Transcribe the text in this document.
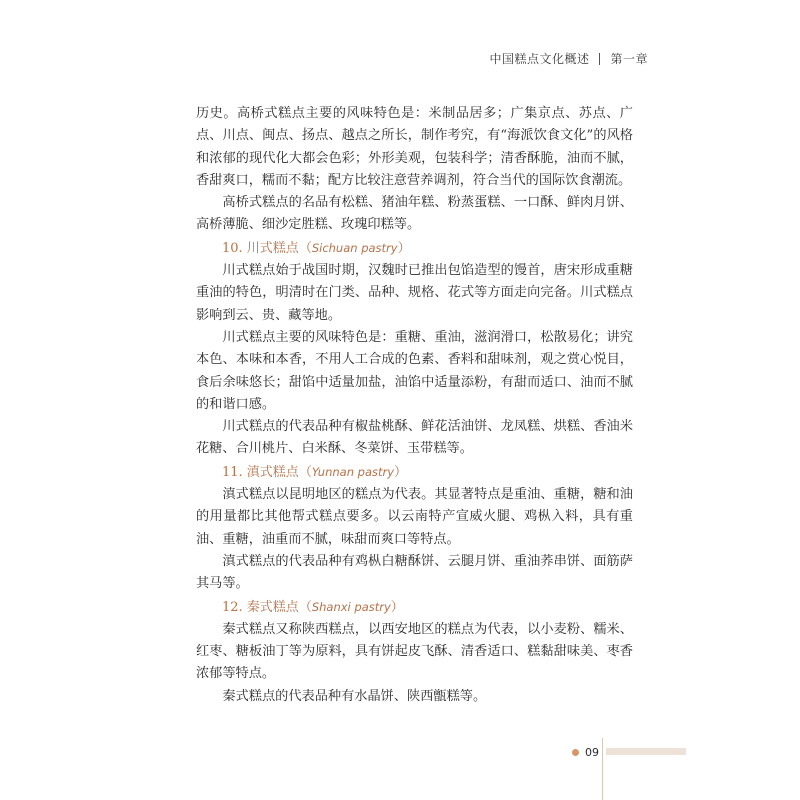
中国糕点文化概述 第一章

历史。高桥式糕点主要的风味特色是：米制品居多；广集京点、苏点、广点、川点、闽点、扬点、越点之所长，制作考究，有“海派饮食文化”的风格和浓郁的现代化大都会色彩；外形美观，包装科学；清香酥脆，油而不腻，香甜爽口，糯而不黏；配方比较注意营养调剂，符合当代的国际饮食潮流。

高桥式糕点的名品有松糕、猪油年糕、粉蒸蛋糕、一口酥、鲜肉月饼、高桥薄脆、细沙定胜糕、玫瑰印糕等。

10. 川式糕点（Sichuan pastry）

川式糕点始于战国时期，汉魏时已推出包馅造型的馒首，唐宋形成重糖重油的特色，明清时在门类、品种、规格、花式等方面走向完备。川式糕点影响到云、贵、藏等地。

川式糕点主要的风味特色是：重糖、重油，滋润滑口，松散易化；讲究本色、本味和本香，不用人工合成的色素、香料和甜味剂，观之赏心悦目，食后余味悠长；甜馅中适量加盐，油馅中适量添粉，有甜而适口、油而不腻的和谐口感。

川式糕点的代表品种有椒盐桃酥、鲜花活油饼、龙凤糕、烘糕、香油米花糖、合川桃片、白米酥、冬菜饼、玉带糕等。

11. 滇式糕点（Yunnan pastry）

滇式糕点以昆明地区的糕点为代表。其显著特点是重油、重糖，糖和油的用量都比其他帮式糕点要多。以云南特产宣威火腿、鸡枞入料，具有重油、重糖，油重而不腻，味甜而爽口等特点。

滇式糕点的代表品种有鸡枞白糖酥饼、云腿月饼、重油荞串饼、面筋萨其马等。

12. 秦式糕点（Shanxi pastry）

秦式糕点又称陕西糕点，以西安地区的糕点为代表，以小麦粉、糯米、红枣、糖板油丁等为原料，具有饼起皮飞酥、清香适口、糕黏甜味美、枣香浓郁等特点。

秦式糕点的代表品种有水晶饼、陕西甑糕等。

09
